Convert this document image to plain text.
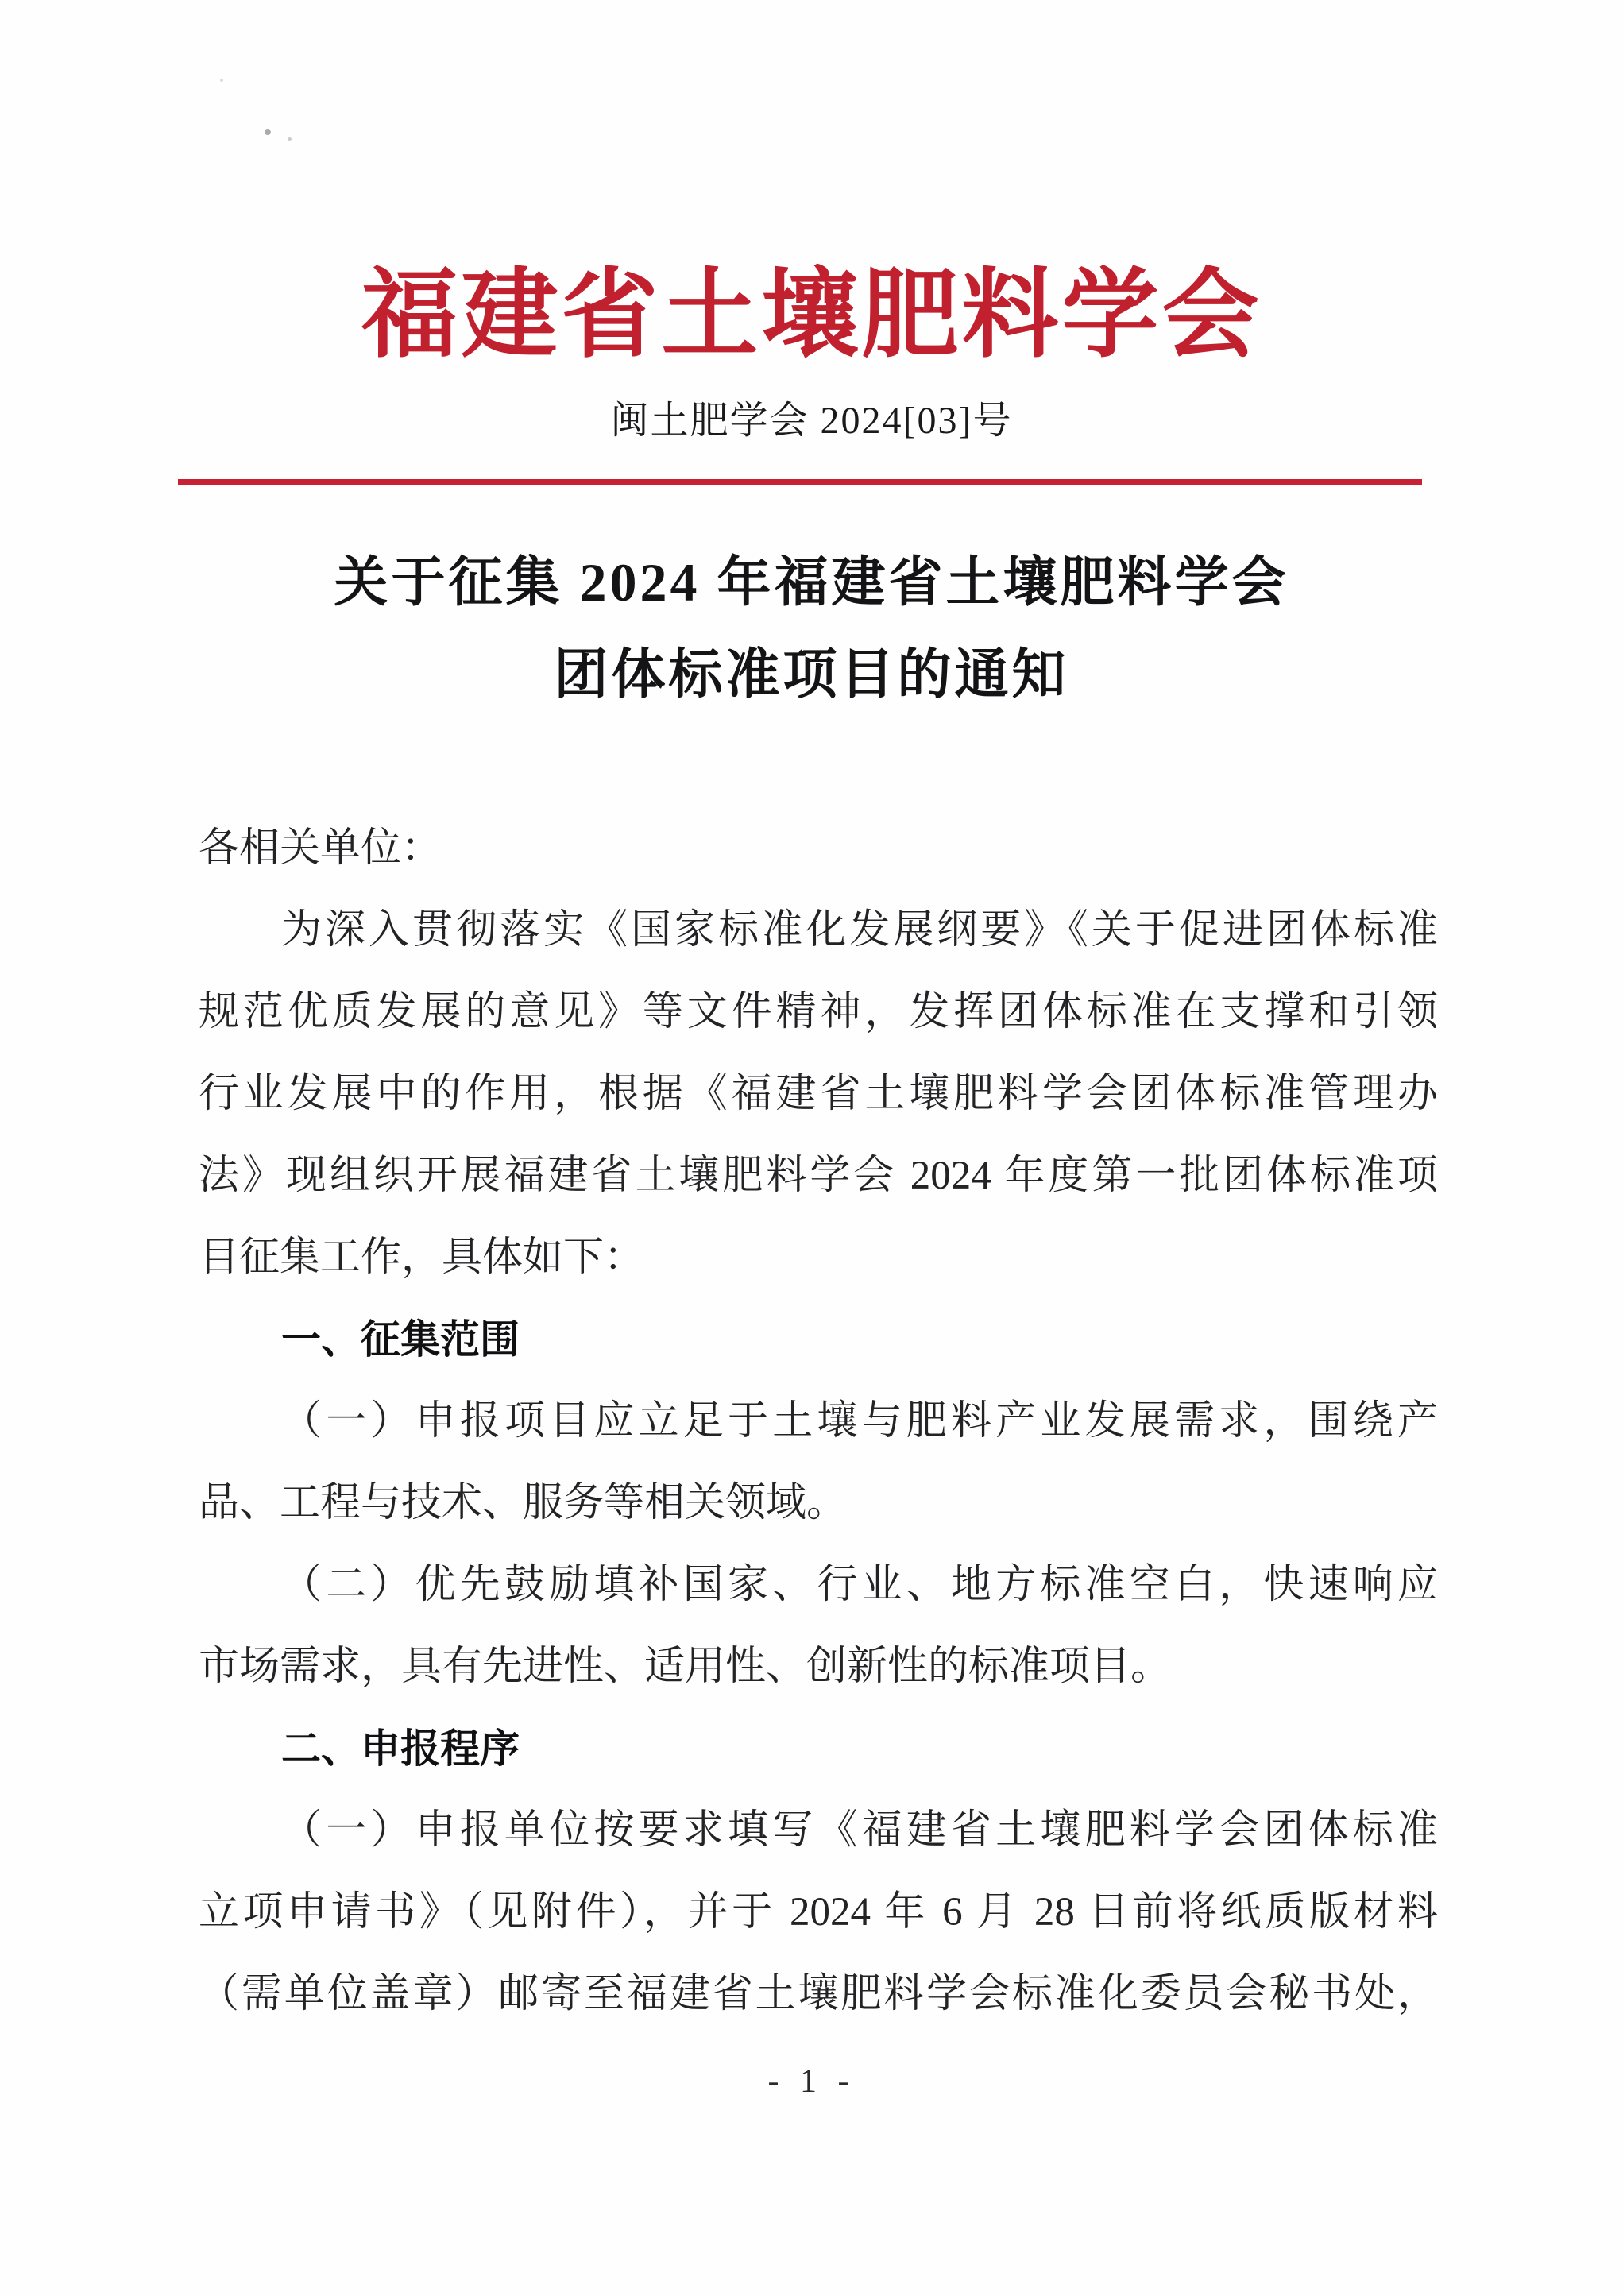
福建省土壤肥料学会
闽土肥学会 2024[03]号
关于征集 2024 年福建省土壤肥料学会
团体标准项目的通知
各相关单位：
为深入贯彻落实《国家标准化发展纲要》《关于促进团体标准
规范优质发展的意见》等文件精神，发挥团体标准在支撑和引领
行业发展中的作用，根据《福建省土壤肥料学会团体标准管理办
法》现组织开展福建省土壤肥料学会 2024 年度第一批团体标准项
目征集工作，具体如下：
一、征集范围
（一）申报项目应立足于土壤与肥料产业发展需求，围绕产
品、工程与技术、服务等相关领域。
（二）优先鼓励填补国家、行业、地方标准空白，快速响应
市场需求，具有先进性、适用性、创新性的标准项目。
二、申报程序
（一）申报单位按要求填写《福建省土壤肥料学会团体标准
立项申请书》（见附件），并于 2024 年 6 月 28 日前将纸质版材料
（需单位盖章）邮寄至福建省土壤肥料学会标准化委员会秘书处，
- 1 -
